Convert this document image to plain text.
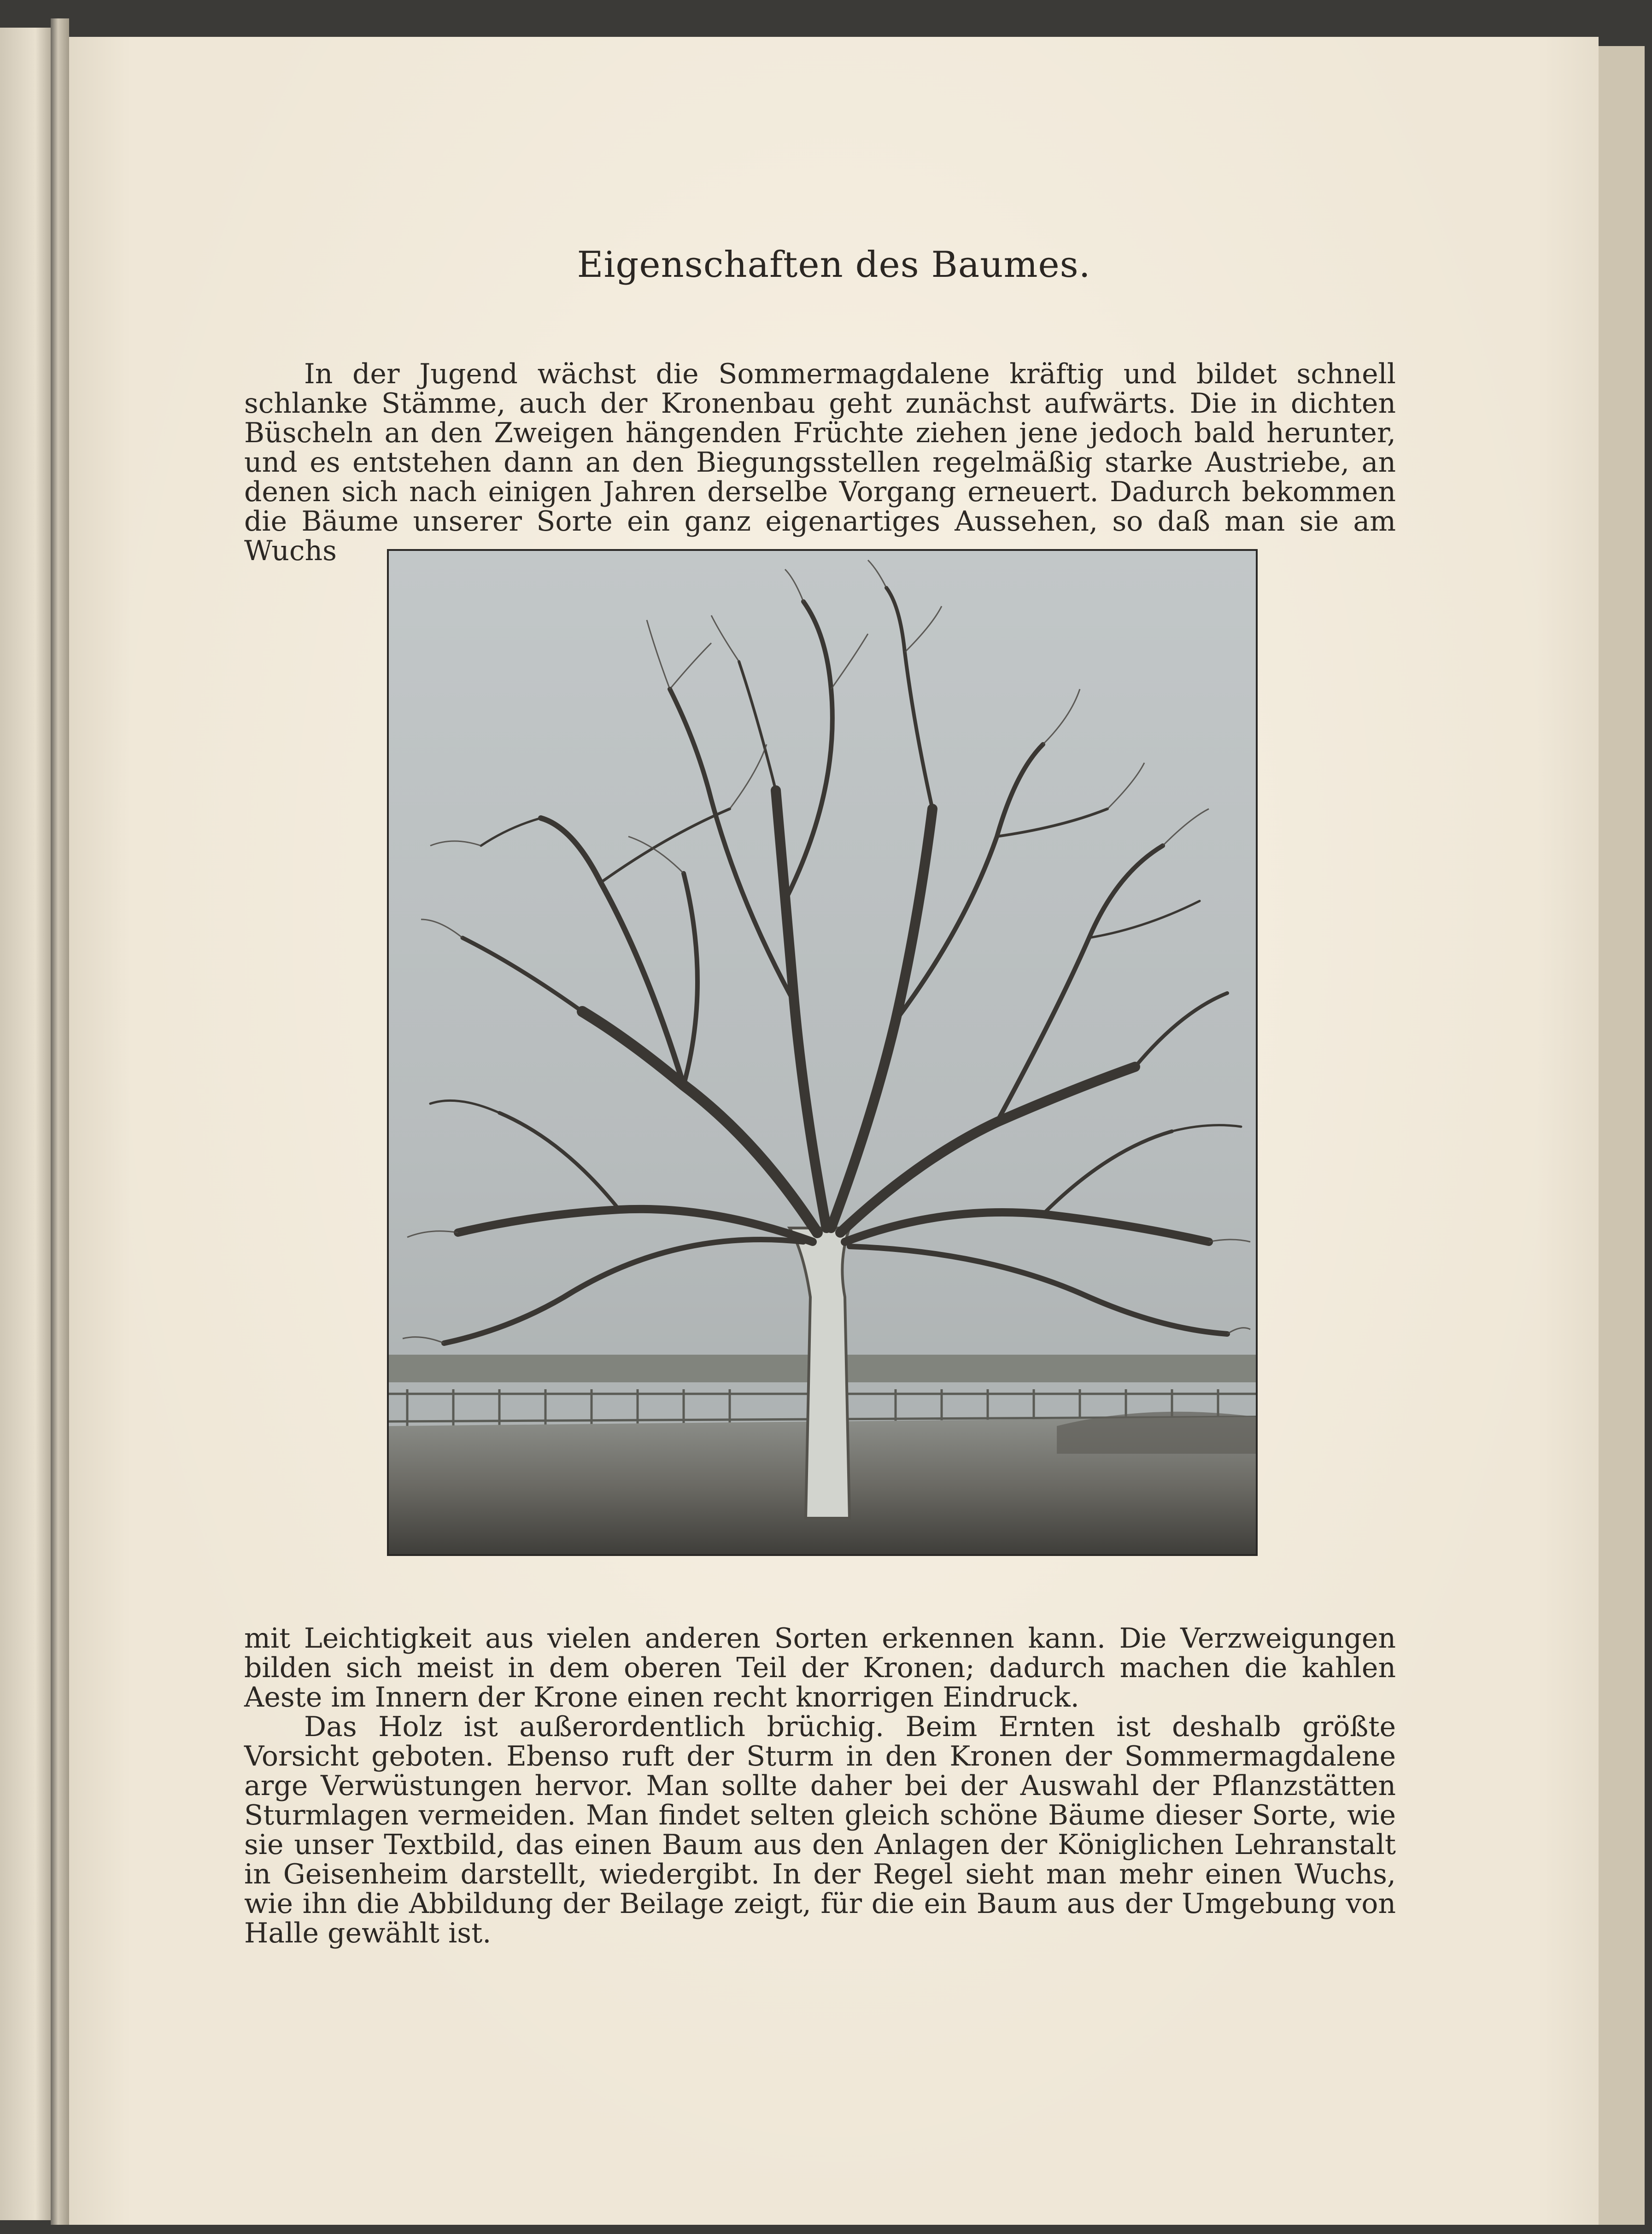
Eigenschaften des Baumes.

In der Jugend wächst die Sommermagdalene kräftig und bildet schnell schlanke Stämme, auch der Kronenbau geht zunächst aufwärts. Die in dichten Büscheln an den Zweigen hängenden Früchte ziehen jene jedoch bald herunter, und es entstehen dann an den Biegungsstellen regelmäßig starke Austriebe, an denen sich nach einigen Jahren derselbe Vorgang erneuert. Dadurch bekommen die Bäume unserer Sorte ein ganz eigenartiges Aussehen, so daß man sie am Wuchs

mit Leichtigkeit aus vielen anderen Sorten erkennen kann. Die Verzweigungen bilden sich meist in dem oberen Teil der Kronen; dadurch machen die kahlen Aeste im Innern der Krone einen recht knorrigen Eindruck.

Das Holz ist außerordentlich brüchig. Beim Ernten ist deshalb größte Vorsicht geboten. Ebenso ruft der Sturm in den Kronen der Sommermagdalene arge Verwüstungen hervor. Man sollte daher bei der Auswahl der Pflanzstätten Sturmlagen vermeiden. Man findet selten gleich schöne Bäume dieser Sorte, wie sie unser Textbild, das einen Baum aus den Anlagen der Königlichen Lehranstalt in Geisenheim darstellt, wiedergibt. In der Regel sieht man mehr einen Wuchs, wie ihn die Abbildung der Beilage zeigt, für die ein Baum aus der Umgebung von Halle gewählt ist.
